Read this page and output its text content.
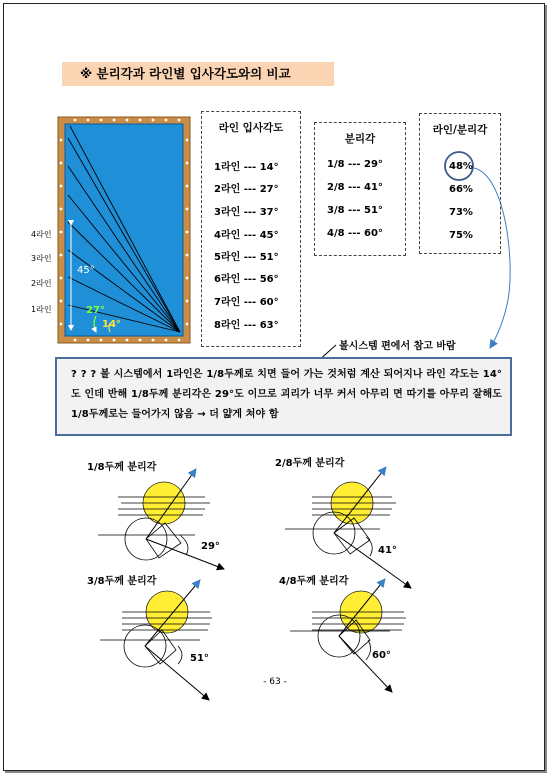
※ 분리각과 라인별 입사각도와의 비교
45°
27°
14°
4라인
3라인
2라인
1라인
라인 입사각도
1라인 --- 14°
2라인 --- 27°
3라인 --- 37°
4라인 --- 45°
5라인 --- 51°
6라인 --- 56°
7라인 --- 60°
8라인 --- 63°
분리각
1/8 --- 29°
2/8 --- 41°
3/8 --- 51°
4/8 --- 60°
라인/분리각
48%
66%
73%
75%
볼시스템 편에서 참고 바람
? ? ? 볼 시스템에서 1라인은 1/8두께로 치면 들어 가는 것처럼 계산 되어지나 라인 각도는 14°도 인데 반해 1/8두께 분리각은 29°도 이므로 괴리가 너무 커서 아무리 면 따기를 아무리 잘해도 1/8두께로는 들어가지 않음 → 더 얇게 쳐야 함
1/8두께 분리각	2/8두께 분리각
3/8두께 분리각	4/8두께 분리각
29°	41°
51°	60°
- 63 -
